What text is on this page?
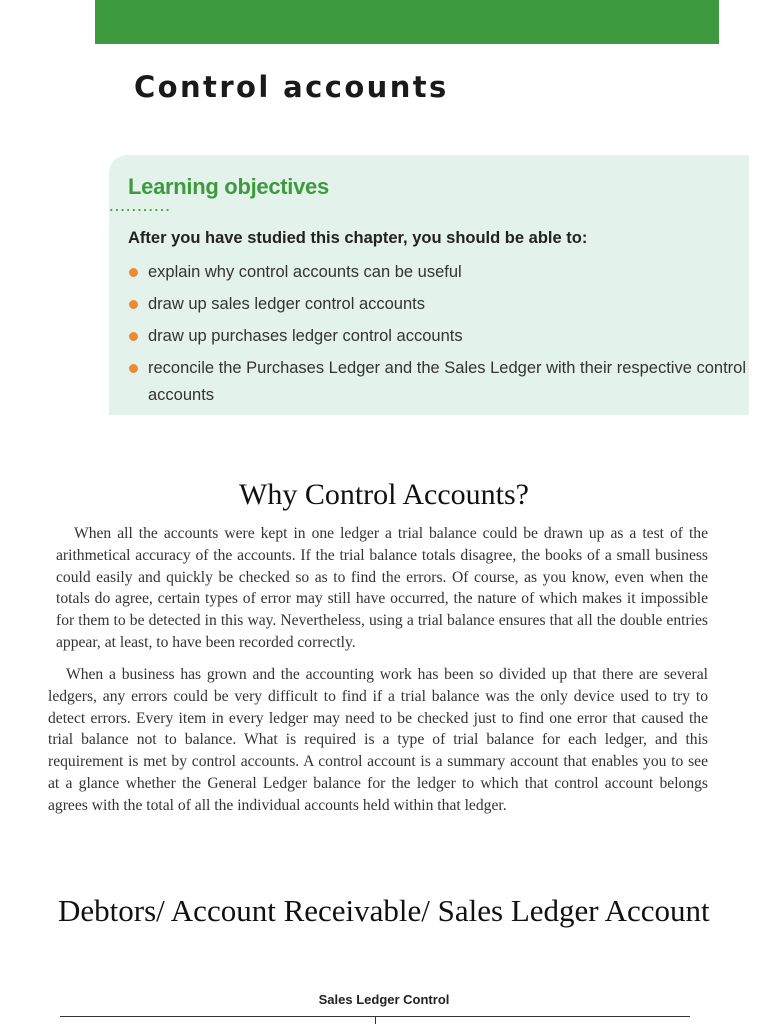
Control accounts
Learning objectives
...........
After you have studied this chapter, you should be able to:
explain why control accounts can be useful
draw up sales ledger control accounts
draw up purchases ledger control accounts
reconcile the Purchases Ledger and the Sales Ledger with their respective control accounts
Why Control Accounts?

When all the accounts were kept in one ledger a trial balance could be drawn up as a test of the arithmetical accuracy of the accounts. If the trial balance totals disagree, the books of a small business could easily and quickly be checked so as to find the errors. Of course, as you know, even when the totals do agree, certain types of error may still have occurred, the nature of which makes it impossible for them to be detected in this way. Nevertheless, using a trial balance ensures that all the double entries appear, at least, to have been recorded correctly.

When a business has grown and the accounting work has been so divided up that there are several ledgers, any errors could be very difficult to find if a trial balance was the only device used to try to detect errors. Every item in every ledger may need to be checked just to find one error that caused the trial balance not to balance. What is required is a type of trial balance for each ledger, and this requirement is met by control accounts. A control account is a summary account that enables you to see at a glance whether the General Ledger balance for the ledger to which that control account belongs agrees with the total of all the individual accounts held within that ledger.

Debtors/ Account Receivable/ Sales Ledger Account
Sales Ledger Control
